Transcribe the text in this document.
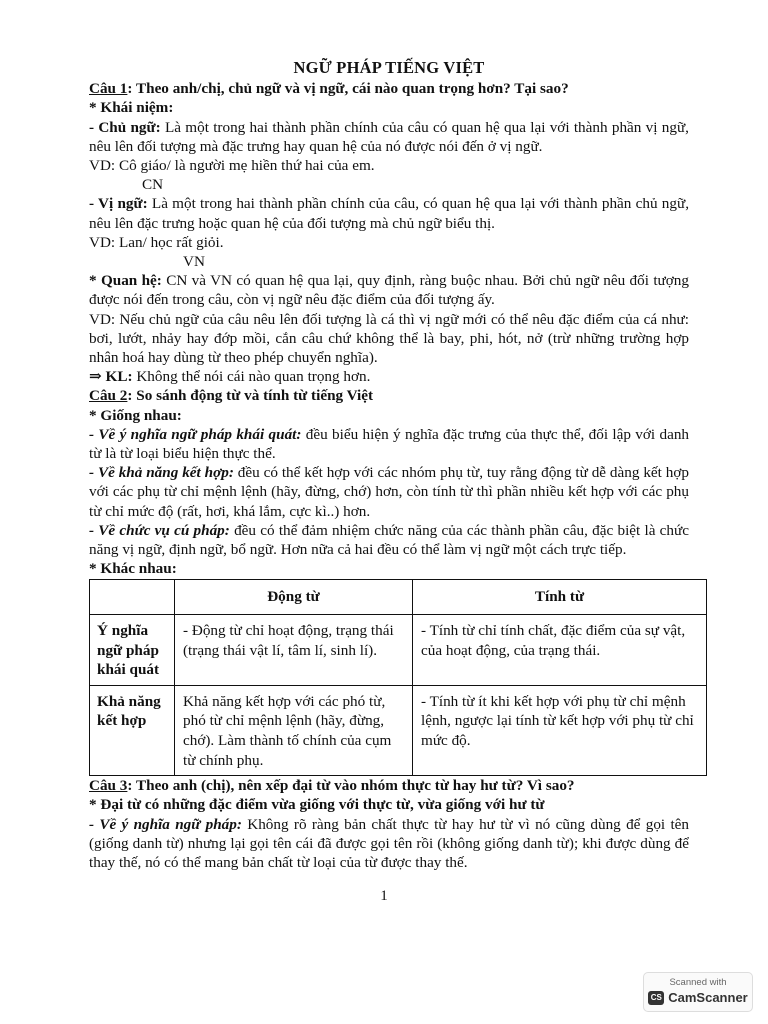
NGỮ PHÁP TIẾNG VIỆT

Câu 1: Theo anh/chị, chủ ngữ và vị ngữ, cái nào quan trọng hơn? Tại sao?

* Khái niệm:

- Chủ ngữ: Là một trong hai thành phần chính của câu có quan hệ qua lại với thành phần vị ngữ, nêu lên đối tượng mà đặc trưng hay quan hệ của nó được nói đến ở vị ngữ.

VD: Cô giáo/ là người mẹ hiền thứ hai của em.

CN

- Vị ngữ: Là một trong hai thành phần chính của câu, có quan hệ qua lại với thành phần chủ ngữ, nêu lên đặc trưng hoặc quan hệ của đối tượng mà chủ ngữ biểu thị.

VD: Lan/ học rất giỏi.

VN

* Quan hệ: CN và VN có quan hệ qua lại, quy định, ràng buộc nhau. Bởi chủ ngữ nêu đối tượng được nói đến trong câu, còn vị ngữ nêu đặc điểm của đối tượng ấy.

VD: Nếu chủ ngữ của câu nêu lên đối tượng là cá thì vị ngữ mới có thể nêu đặc điểm của cá như: bơi, lướt, nhảy hay đớp mồi, cắn câu chứ không thể là bay, phi, hót, nở (trừ những trường hợp nhân hoá hay dùng từ theo phép chuyển nghĩa).

⇒ KL: Không thể nói cái nào quan trọng hơn.

Câu 2: So sánh động từ và tính từ tiếng Việt

* Giống nhau:

- Về ý nghĩa ngữ pháp khái quát: đều biểu hiện ý nghĩa đặc trưng của thực thể, đối lập với danh từ là từ loại biểu hiện thực thể.

- Về khả năng kết hợp: đều có thể kết hợp với các nhóm phụ từ, tuy rằng động từ dễ dàng kết hợp với các phụ từ chỉ mệnh lệnh (hãy, đừng, chớ) hơn, còn tính từ thì phần nhiều kết hợp với các phụ từ chỉ mức độ (rất, hơi, khá lắm, cực kì..) hơn.

- Về chức vụ cú pháp: đều có thể đảm nhiệm chức năng của các thành phần câu, đặc biệt là chức năng vị ngữ, định ngữ, bổ ngữ. Hơn nữa cả hai đều có thể làm vị ngữ một cách trực tiếp.

* Khác nhau:

	Động từ	Tính từ
Ý nghĩa ngữ pháp khái quát	- Động từ chỉ hoạt động, trạng thái (trạng thái vật lí, tâm lí, sinh lí).	- Tính từ chỉ tính chất, đặc điểm của sự vật, của hoạt động, của trạng thái.
Khả năng kết hợp	Khả năng kết hợp với các phó từ, phó từ chỉ mệnh lệnh (hãy, đừng, chớ). Làm thành tố chính của cụm từ chính phụ.	- Tính từ ít khi kết hợp với phụ từ chỉ mệnh lệnh, ngược lại tính từ kết hợp với phụ từ chỉ mức độ.

Câu 3: Theo anh (chị), nên xếp đại từ vào nhóm thực từ hay hư từ? Vì sao?

* Đại từ có những đặc điểm vừa giống với thực từ, vừa giống với hư từ

- Về ý nghĩa ngữ pháp: Không rõ ràng bản chất thực từ hay hư từ vì nó cũng dùng để gọi tên (giống danh từ) nhưng lại gọi tên cái đã được gọi tên rồi (không giống danh từ); khi được dùng để thay thế, nó có thể mang bản chất từ loại của từ được thay thế.

1
Scanned with
CS CamScanner
